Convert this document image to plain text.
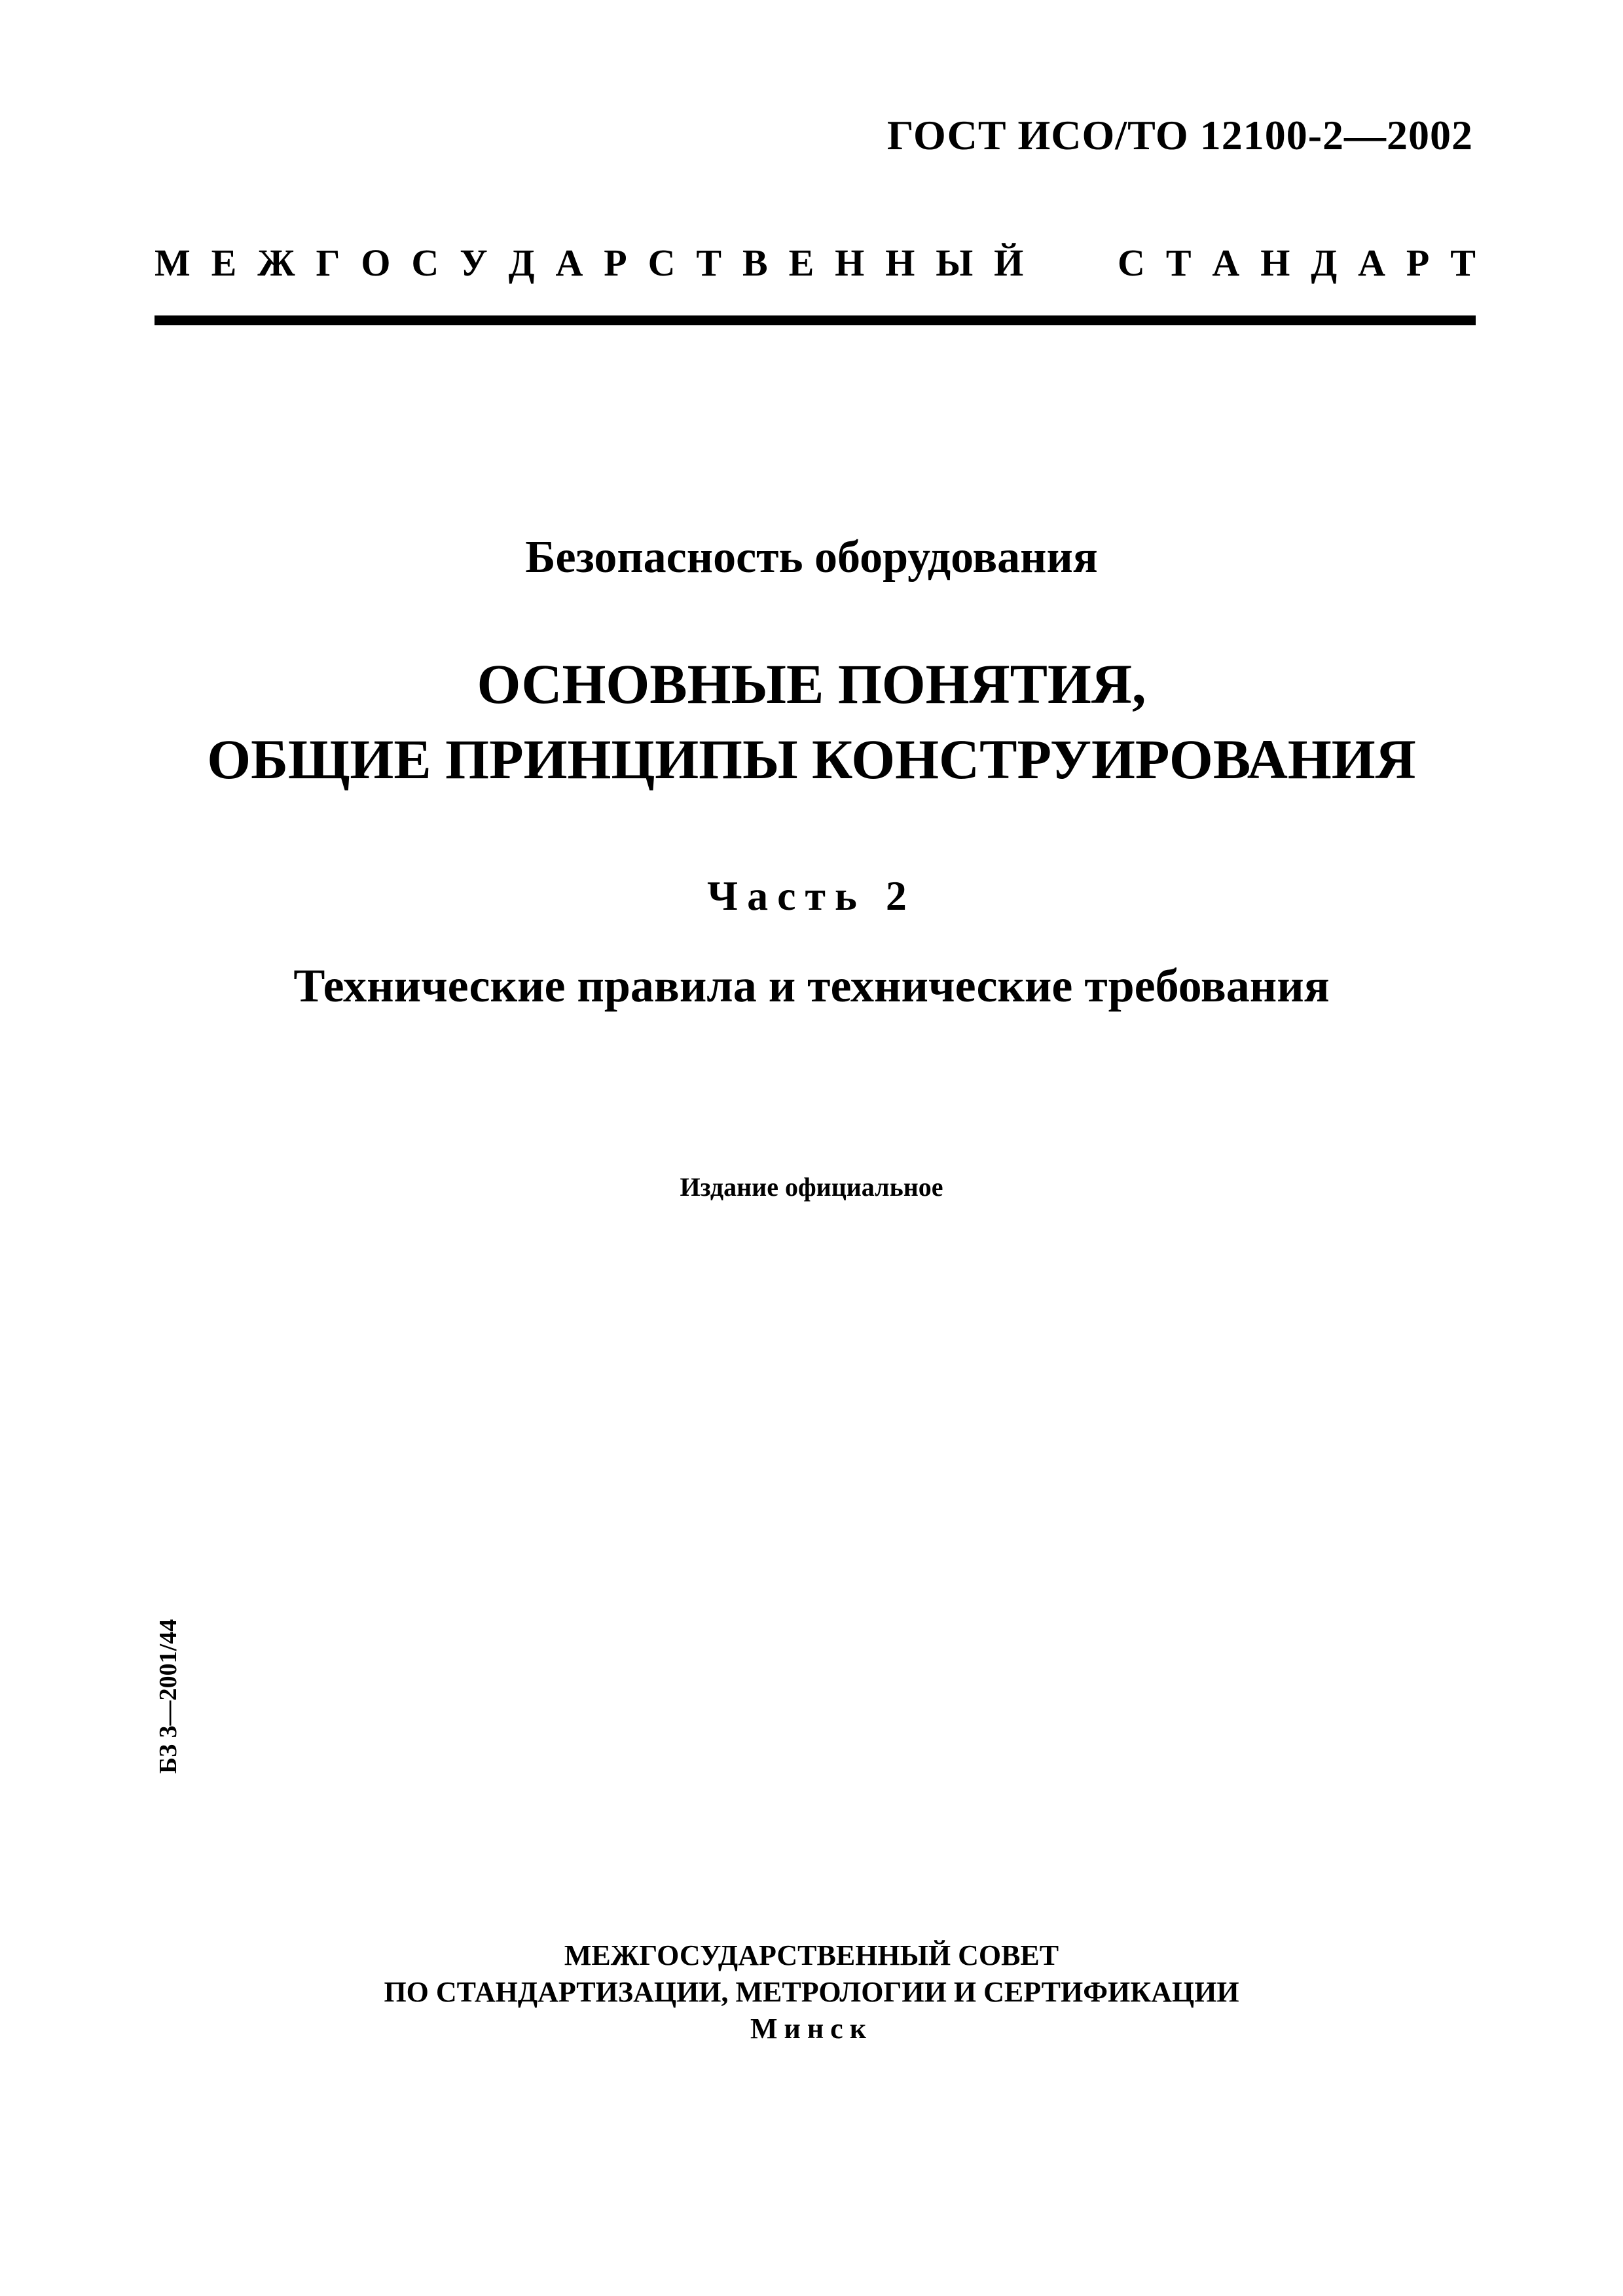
ГОСТ ИСО/ТО 12100-2—2002
М Е Ж Г О С У Д А Р С Т В Е Н Н Ы Й С Т А Н Д А Р Т
Безопасность оборудования
ОСНОВНЫЕ ПОНЯТИЯ,
ОБЩИЕ ПРИНЦИПЫ КОНСТРУИРОВАНИЯ
Часть 2
Технические правила и технические требования
Издание официальное
БЗ 3—2001/44
МЕЖГОСУДАРСТВЕННЫЙ СОВЕТ
ПО СТАНДАРТИЗАЦИИ, МЕТРОЛОГИИ И СЕРТИФИКАЦИИ
Минск
